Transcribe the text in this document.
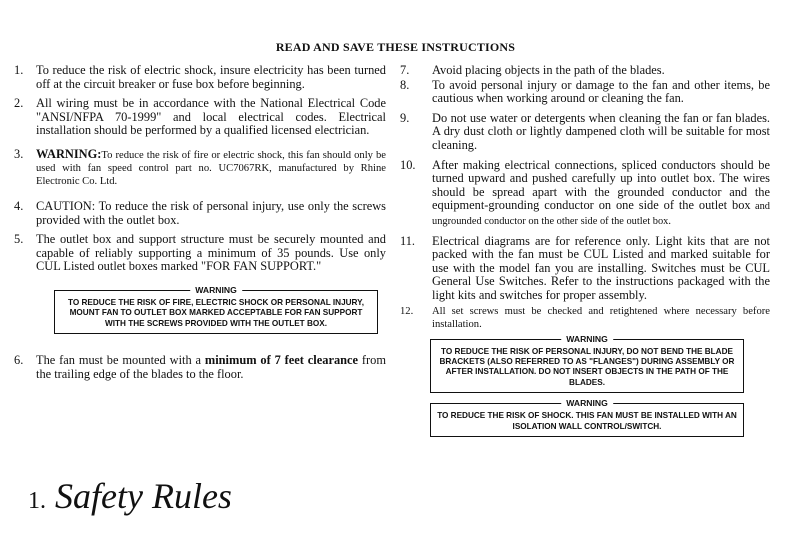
READ AND SAVE THESE INSTRUCTIONS
1. To reduce the risk of electric shock, insure electricity has been turned off at the circuit breaker or fuse box before beginning.
2. All wiring must be in accordance with the National Electrical Code "ANSI/NFPA 70-1999" and local electrical codes. Electrical installation should be performed by a qualified licensed electrician.
3. WARNING:To reduce the risk of fire or electric shock, this fan should only be used with fan speed control part no. UC7067RK, manufactured by Rhine Electronic Co. Ltd.
4. CAUTION: To reduce the risk of personal injury, use only the screws provided with the outlet box.
5. The outlet box and support structure must be securely mounted and capable of reliably supporting a minimum of 35 pounds. Use only CUL Listed outlet boxes marked "FOR FAN SUPPORT."
WARNING
TO REDUCE THE RISK OF FIRE, ELECTRIC SHOCK OR PERSONAL INJURY, MOUNT FAN TO OUTLET BOX MARKED ACCEPTABLE FOR FAN SUPPORT WITH THE SCREWS PROVIDED WITH THE OUTLET BOX.
6. The fan must be mounted with a minimum of 7 feet clearance from the trailing edge of the blades to the floor.
7. Avoid placing objects in the path of the blades.
8. To avoid personal injury or damage to the fan and other items, be cautious when working around or cleaning the fan.
9. Do not use water or detergents when cleaning the fan or fan blades. A dry dust cloth or lightly dampened cloth will be suitable for most cleaning.
10. After making electrical connections, spliced conductors should be turned upward and pushed carefully up into outlet box. The wires should be spread apart with the grounded conductor and the equipment-grounding conductor on one side of the outlet box and ungrounded conductor on the other side of the outlet box.
11. Electrical diagrams are for reference only. Light kits that are not packed with the fan must be CUL Listed and marked suitable for use with the model fan you are installing. Switches must be CUL General Use Switches. Refer to the instructions packaged with the light kits and switches for proper assembly.
12. All set screws must be checked and retightened where necessary before installation.
WARNING
TO REDUCE THE RISK OF PERSONAL INJURY, DO NOT BEND THE BLADE BRACKETS (ALSO REFERRED TO AS "FLANGES") DURING ASSEMBLY OR AFTER INSTALLATION. DO NOT INSERT OBJECTS IN THE PATH OF THE BLADES.
WARNING
TO REDUCE THE RISK OF SHOCK. THIS FAN MUST BE INSTALLED WITH AN ISOLATION WALL CONTROL/SWITCH.
1. Safety Rules
